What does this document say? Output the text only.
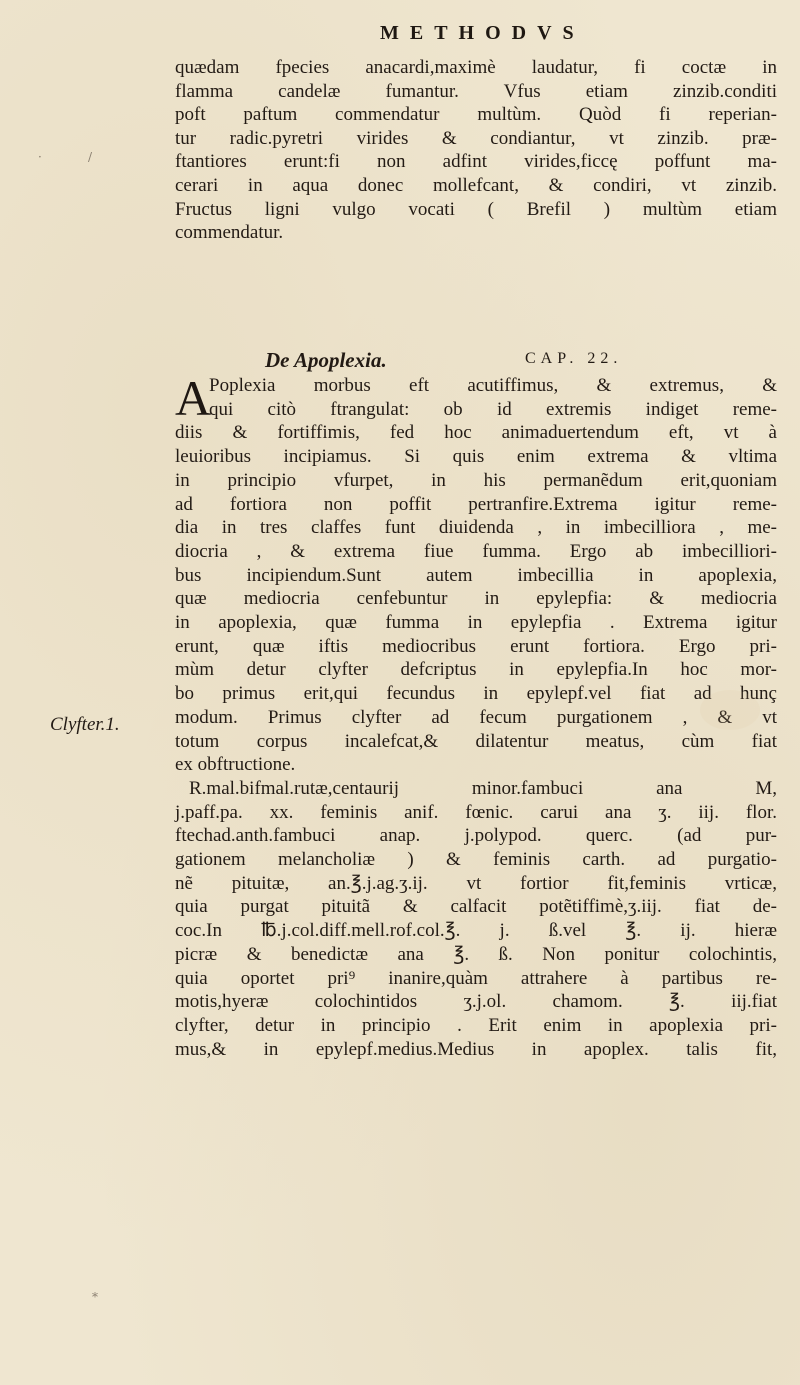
METHODVS
quædam fpecies anacardi,maximè laudatur, fi coctæ in
flamma candelæ fumantur. Vfus etiam zinzib.conditi
poft paftum commendatur multùm. Quòd fi reperian-
tur radic.pyretri virides & condiantur, vt zinzib. præ-
ftantiores erunt:fi non adfint virides,ficcę poffunt ma-
cerari in aqua donec mollefcant, & condiri, vt zinzib.
Fructus ligni vulgo vocati ( Brefil ) multùm etiam
commendatur.
De Apoplexia.	CAP. 22.
A
Poplexia morbus eft acutiffimus, & extremus, &
qui citò ftrangulat: ob id extremis indiget reme-
diis & fortiffimis, fed hoc animaduertendum eft, vt à
leuioribus incipiamus. Si quis enim extrema & vltima
in principio vfurpet, in his permanẽdum erit,quoniam
ad fortiora non poffit pertranfire.Extrema igitur reme-
dia in tres claffes funt diuidenda , in imbecilliora , me-
diocria , & extrema fiue fumma. Ergo ab imbecilliori-
bus incipiendum.Sunt autem imbecillia in apoplexia,
quæ mediocria cenfebuntur in epylepfia: & mediocria
in apoplexia, quæ fumma in epylepfia . Extrema igitur
erunt, quæ iftis mediocribus erunt fortiora. Ergo pri-
mùm detur clyfter defcriptus in epylepfia.In hoc mor-
bo primus erit,qui fecundus in epylepf.vel fiat ad hunç
modum. Primus clyfter ad fecum purgationem , & vt
totum corpus incalefcat,& dilatentur meatus, cùm fiat
ex obftructione.
R.mal.bifmal.rutæ,centaurij minor.fambuci ana M,
j.paff.pa. xx. feminis anif. fœnic. carui ana ʒ. iij. flor.
ftechad.anth.fambuci anap. j.polypod. querc. (ad pur-
gationem melancholiæ ) & feminis carth. ad purgatio-
nẽ pituitæ, an.℥.j.ag.ʒ.ij. vt fortior fit,feminis vrticæ,
quia purgat pituitã & calfacit potẽtiffimè,ʒ.iij. fiat de-
coc.In ℔.j.col.diff.mell.rof.col.℥. j. ß.vel ℥. ij. hieræ
picræ & benedictæ ana ℥. ß. Non ponitur colochintis,
quia oportet pri⁹ inanire,quàm attrahere à partibus re-
motis,hyeræ colochintidos ʒ.j.ol. chamom. ℥. iij.fiat
clyfter, detur in principio . Erit enim in apoplexia pri-
mus,& in epylepf.medius.Medius in apoplex. talis fit,
Clyfter.1.
·	/
*
